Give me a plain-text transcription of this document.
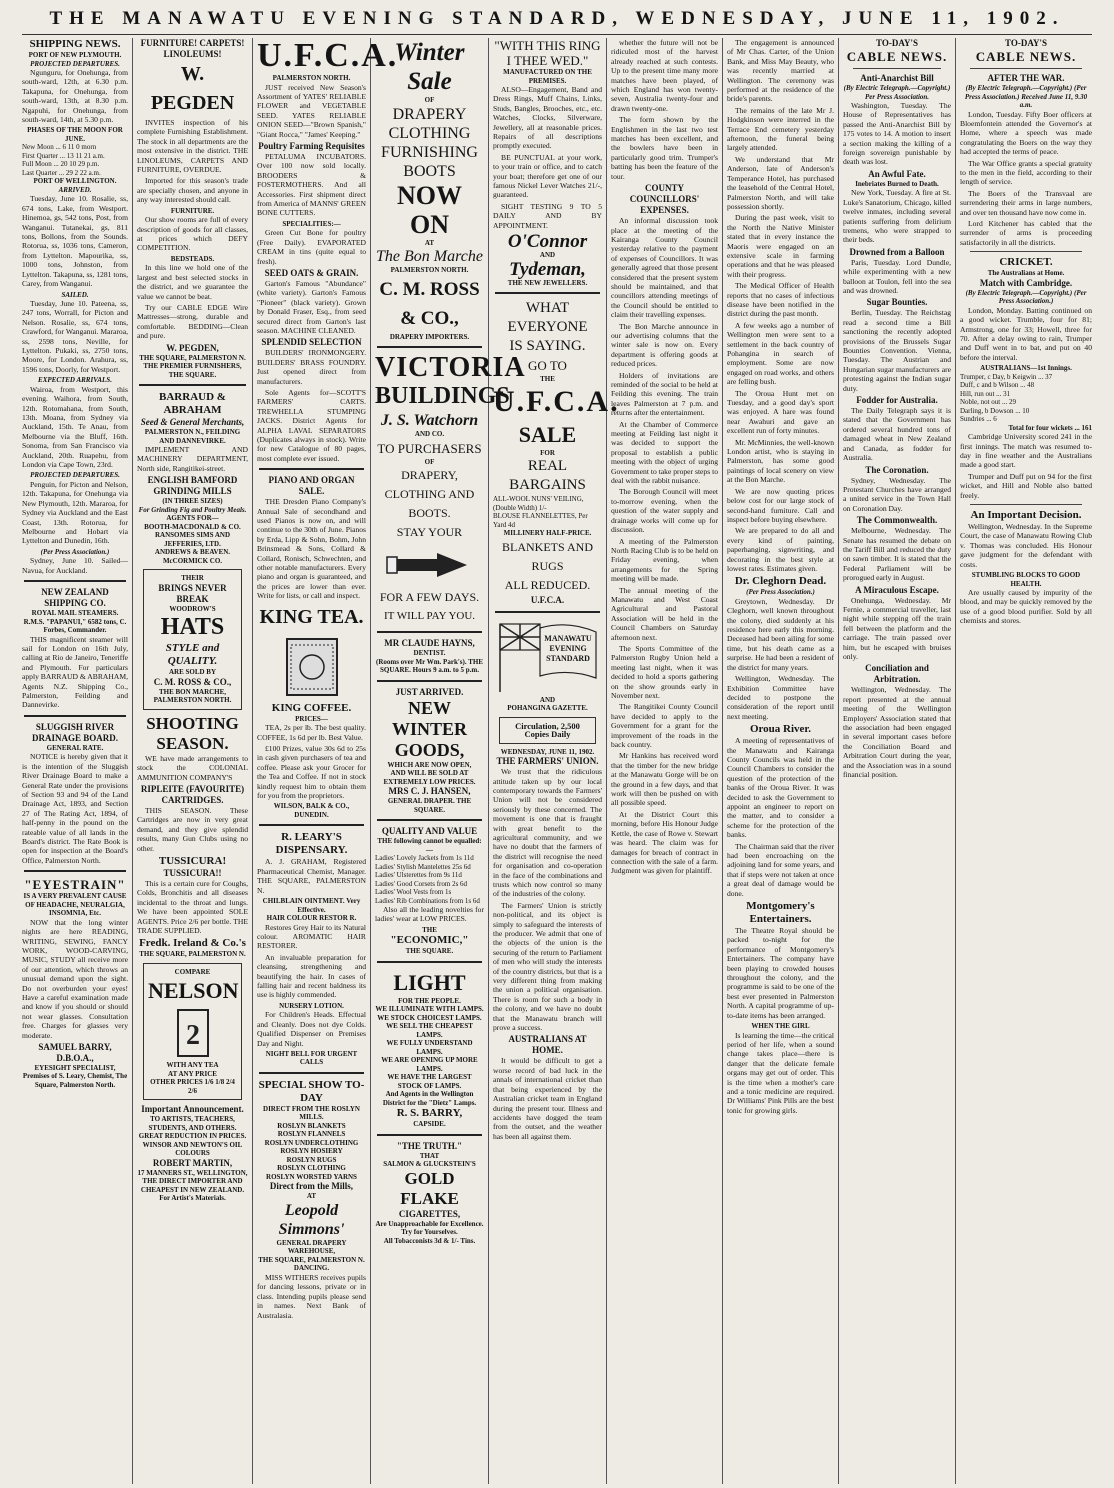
THE MANAWATU EVENING STANDARD, WEDNESDAY, JUNE 11, 1902.
SHIPPING NEWS.
PORT OF NEW PLYMOUTH.
PROJECTED DEPARTURES.

Ngunguru, for Onehunga, from south-ward, 12th, at 6.30 p.m. Takapuna, for Onehunga, from south-ward, 13th, at 8.30 p.m. Ngapuhi, for Onehunga, from south-ward, 14th, at 5.30 p.m.

PHASES OF THE MOON FOR JUNE.
New Moon ... 6 11 0 morn
First Quarter ... 13 11 21 a.m.
Full Moon ... 20 10 29 p.m.
Last Quarter ... 29 2 22 a.m.
PORT OF WELLINGTON.
ARRIVED.

Tuesday, June 10. Rosalie, ss, 674 tons, Lake, from Westport. Hinemoa, gs, 542 tons, Post, from Wanganui. Tutanekai, gs, 811 tons, Bollons, from the Sounds. Rotorua, ss, 1036 tons, Cameron, from Lyttelton. Mapourika, ss, 1000 tons, Johnston, from Lyttelton. Takapuna, ss, 1281 tons, Carey, from Wanganui.

SAILED.

Tuesday, June 10. Pateena, ss, 247 tons, Worrall, for Picton and Nelson. Rosalie, ss, 674 tons, Crawford, for Wanganui. Mararoa, ss, 2598 tons, Neville, for Lyttelton. Pukaki, ss, 2750 tons, Moore, for London. Arahura, ss, 1596 tons, Doorly, for Westport.

EXPECTED ARRIVALS.

Wairoa, from Westport, this evening. Waihora, from South, 12th. Rotomahana, from South, 13th. Moana, from Sydney via Auckland, 15th. Te Anau, from Melbourne via the Bluff, 16th. Sonoma, from San Francisco via Auckland, 20th. Ruapehu, from London via Cape Town, 23rd.

PROJECTED DEPARTURES.

Penguin, for Picton and Nelson, 12th. Takapuna, for Onehunga via New Plymouth, 12th. Mararoa, for Sydney via Auckland and the East Coast, 13th. Rotorua, for Melbourne and Hobart via Lyttelton and Dunedin, 16th.

(Per Press Association.)

Sydney, June 10. Sailed—Navua, for Auckland.

NEW ZEALAND SHIPPING CO.
ROYAL MAIL STEAMERS.
R.M.S. "PAPANUI," 6582 tons, C. Forbes, Commander.

THIS magnificent steamer will sail for London on 16th July, calling at Rio de Janeiro, Teneriffe and Plymouth. For particulars apply BARRAUD & ABRAHAM, Agents N.Z. Shipping Co., Palmerston, Feilding and Dannevirke.

SLUGGISH RIVER DRAINAGE BOARD.
GENERAL RATE.

NOTICE is hereby given that it is the intention of the Sluggish River Drainage Board to make a General Rate under the provisions of Section 93 and 94 of the Land Drainage Act, 1893, and Section 27 of The Rating Act, 1894, of half-penny in the pound on the rateable value of all lands in the Board's district. The Rate Book is open for inspection at the Board's Office, Palmerston North.

"EYESTRAIN"
IS A VERY PREVALENT CAUSE OF HEADACHE, NEURALGIA, INSOMNIA, Etc.

NOW that the long winter nights are here READING, WRITING, SEWING, FANCY WORK, WOOD-CARVING, MUSIC, STUDY all receive more of our attention, which throws an unusual demand upon the sight. Do not overburden your eyes! Have a careful examination made and know if you should or should not wear glasses. Consultation free. Charges for glasses very moderate.

SAMUEL BARRY, D.B.O.A.,
EYESIGHT SPECIALIST, Premises of S. Leary, Chemist, The Square, Palmerston North.
FURNITURE! CARPETS! LINOLEUMS!
W. PEGDEN

INVITES inspection of his complete Furnishing Establishment. The stock in all departments are the most extensive in the district. THE LINOLEUMS, CARPETS AND FURNITURE, OVERDUE.

Imported for this season's trade are specially chosen, and anyone in any way interested should call.

FURNITURE.

Our show rooms are full of every description of goods for all classes, at prices which DEFY COMPETITION.

BEDSTEADS.

In this line we hold one of the largest and best selected stocks in the district, and we guarantee the value we cannot be beat.

Try our CABLE EDGE Wire Mattresses—strong, durable and comfortable. BEDDING—Clean and pure.

W. PEGDEN,
THE SQUARE, PALMERSTON N.
THE PREMIER FURNISHERS, THE SQUARE.
BARRAUD & ABRAHAM
Seed & General Merchants,
PALMERSTON N., FEILDING AND DANNEVIRKE.

IMPLEMENT AND MACHINERY DEPARTMENT, North side, Rangitikei-street.

ENGLISH BAMFORD GRINDING MILLS
(IN THREE SIZES)
For Grinding Fig and Poultry Meals.
AGENTS FOR—
BOOTH-MACDONALD & CO.
RANSOMES SIMS AND JEFFERIES, LTD.
ANDREWS & BEAVEN.
McCORMICK CO.
THEIR
BRINGS NEVER BREAK
WOODROW'S
HATS
STYLE and QUALITY.
ARE SOLD BY
C. M. ROSS & CO.,
THE BON MARCHE, PALMERSTON NORTH.
SHOOTING SEASON.

WE have made arrangements to stock the COLONIAL AMMUNITION COMPANY'S

RIPLEITE (FAVOURITE) CARTRIDGES.

THIS SEASON. These Cartridges are now in very great demand, and they give splendid results, many Gun Clubs using no other.

TUSSICURA!
TUSSICURA!!

This is a certain cure for Coughs, Colds, Bronchitis and all diseases incidental to the throat and lungs. We have been appointed SOLE AGENTS. Price 2/6 per bottle. THE TRADE SUPPLIED.

Fredk. Ireland & Co.'s
THE SQUARE, PALMERSTON N.
COMPARE
NELSON
2
WITH ANY TEA
AT ANY PRICE
OTHER PRICES 1/6 1/8 2/4 2/6
Important Announcement.
TO ARTISTS, TEACHERS, STUDENTS, AND OTHERS.
GREAT REDUCTION IN PRICES.
WINSOR AND NEWTON'S OIL COLOURS
ROBERT MARTIN,
17 MANNERS ST., WELLINGTON,
THE DIRECT IMPORTER AND CHEAPEST IN NEW ZEALAND. For Artist's Materials.
U.F.C.A.
PALMERSTON NORTH.

JUST received New Season's Assortment of YATES' RELIABLE FLOWER and VEGETABLE SEED. YATES RELIABLE ONION SEED—"Brown Spanish," "Giant Rocca," "James' Keeping."

Poultry Farming Requisites

PETALUMA INCUBATORS. Over 100 now sold locally. BROODERS & FOSTERMOTHERS. And all Accessories. First shipment direct from America of MANNS' GREEN BONE CUTTERS.

SPECIALITIES:—

Green Cut Bone for poultry (Free Daily). EVAPORATED CREAM in tins (quite equal to fresh).

SEED OATS & GRAIN.

Garton's Famous "Abundance" (white variety). Garton's Famous "Pioneer" (black variety). Grown by Donald Fraser, Esq., from seed secured direct from Garton's last season. MACHINE CLEANED.

SPLENDID SELECTION

BUILDERS' IRONMONGERY. BUILDERS' BRASS FOUNDRY. Just opened direct from manufacturers.

Sole Agents for—SCOTT'S FARMERS' CARTS. TREWHELLA STUMPING JACKS. District Agents for ALPHA LAVAL SEPARATORS (Duplicates always in stock). Write for new Catalogue of 80 pages, most complete ever issued.

PIANO AND ORGAN SALE.

THE Dresden Piano Company's Annual Sale of secondhand and used Pianos is now on, and will continue to the 30th of June. Pianos by Erda, Lipp & Sohn, Bohm, John Brinsmead & Sons, Collard & Collard, Ronisch, Schwechten, and other notable manufacturers. Every piano and organ is guaranteed, and the prices are lower than ever. Write for lists, or call and inspect.

KING TEA.
KING COFFEE.
PRICES—

TEA, 2s per lb. The best quality. COFFEE, 1s 6d per lb. Best Value.

£100 Prizes, value 30s 6d to 25s in cash given purchasers of tea and coffee. Please ask your Grocer for the Tea and Coffee. If not in stock kindly request him to obtain them for you from the proprietors.

WILSON, BALK & CO., DUNEDIN.
R. LEARY'S DISPENSARY.

A. J. GRAHAM, Registered Pharmaceutical Chemist, Manager. THE SQUARE, PALMERSTON N.

CHILBLAIN OINTMENT. Very Effective.
HAIR COLOUR RESTOR R.

Restores Grey Hair to its Natural colour. AROMATIC HAIR RESTORER.

An invaluable preparation for cleansing, strengthening and beautifying the hair. In cases of falling hair and recent baldness its use is highly commended.

NURSERY LOTION.

For Children's Heads. Effectual and Cleanly. Does not dye Colds. Qualified Dispenser on Premises Day and Night.

NIGHT BELL FOR URGENT CALLS
SPECIAL SHOW TO-DAY
DIRECT FROM THE ROSLYN MILLS.
ROSLYN BLANKETS
ROSLYN FLANNELS
ROSLYN UNDERCLOTHING
ROSLYN HOSIERY
ROSLYN RUGS
ROSLYN CLOTHING
ROSLYN WORSTED YARNS
Direct from the Mills,
AT
Leopold
Simmons'
GENERAL DRAPERY WAREHOUSE,
THE SQUARE, PALMERSTON N.
DANCING.

MISS WITHERS receives pupils for dancing lessons, private or in class. Intending pupils please send in names. Next Bank of Australasia.

Winter Sale
OF
DRAPERY
CLOTHING
FURNISHING
BOOTS
NOW ON
AT
The Bon Marche
PALMERSTON NORTH.
C. M. ROSS & CO.,
DRAPERY IMPORTERS.
VICTORIA
BUILDINGS
J. S. Watchorn
AND CO.
TO PURCHASERS
OF
DRAPERY, CLOTHING AND BOOTS.
STAY YOUR
FOR A FEW DAYS.
IT WILL PAY YOU.
MR CLAUDE HAYNS,
DENTIST.
(Rooms over Mr Wm. Park's). THE SQUARE. Hours 9 a.m. to 5 p.m.
JUST ARRIVED.
NEW WINTER GOODS,
WHICH ARE NOW OPEN,
AND WILL BE SOLD AT EXTREMELY LOW PRICES.
MRS C. J. HANSEN,
GENERAL DRAPER. THE SQUARE.
QUALITY AND VALUE
THE following cannot be equalled:—
Ladies' Lovely Jackets from 1s 11d
Ladies' Stylish Mantelettes 25s 6d
Ladies' Ulsterettes from 9s 11d
Ladies' Good Corsets from 2s 6d
Ladies' Wool Vests from 1s
Ladies' Rib Combinations from 1s 6d

Also all the leading novelties for ladies' wear at LOW PRICES.

THE
"ECONOMIC,"
THE SQUARE.
LIGHT
FOR THE PEOPLE.
WE ILLUMINATE WITH LAMPS.
WE STOCK CHOICEST LAMPS.
WE SELL THE CHEAPEST LAMPS.
WE FULLY UNDERSTAND LAMPS.
WE ARE OPENING UP MORE LAMPS.
WE HAVE THE LARGEST STOCK OF LAMPS.
And Agents in the Wellington District for the "Dietz" Lamps.
R. S. BARRY,
CAPSIDE.
"THE TRUTH."
THAT
SALMON & GLUCKSTEIN'S
GOLD FLAKE
CIGARETTES,
Are Unapproachable for Excellence. Try for Yourselves.
All Tobacconists 3d & 1/- Tins.
"WITH THIS RING I THEE WED."
MANUFACTURED ON THE PREMISES.

ALSO—Engagement, Band and Dress Rings, Muff Chains, Links, Studs, Bangles, Brooches, etc., etc. Watches, Clocks, Silverware, Jewellery, all at reasonable prices. Repairs of all descriptions promptly executed.

BE PUNCTUAL at your work, to your train or office, and to catch your boat; therefore get one of our famous Nickel Lever Watches 21/-, guaranteed.

SIGHT TESTING 9 TO 5 DAILY AND BY APPOINTMENT.

O'Connor
AND
Tydeman,
THE NEW JEWELLERS.
WHAT EVERYONE
IS SAYING.
GO TO
THE
U.F.C.A.
SALE
FOR
REAL BARGAINS
ALL-WOOL NUNS' VEILING, (Double Width) 1/-
BLOUSE FLANNELETTES, Per Yard 4d
MILLINERY HALF-PRICE.
BLANKETS AND RUGS
ALL REDUCED.
U.F.C.A.
MANAWATU EVENING STANDARD
AND
POHANGINA GAZETTE.
Circulation, 2,500 Copies Daily
WEDNESDAY, JUNE 11, 1902.
THE FARMERS' UNION.

We trust that the ridiculous attitude taken up by our local contemporary towards the Farmers' Union will not be considered seriously by these concerned. The movement is one that is fraught with great benefit to the agricultural community, and we have no doubt that the farmers of the district will recognise the need for organisation and co-operation in the face of the combinations and trusts which now control so many of the industries of the colony.

The Farmers' Union is strictly non-political, and its object is simply to safeguard the interests of the producer. We admit that one of the objects of the union is the securing of the return to Parliament of men who will study the interests of the country districts, but that is a very different thing from making the union a political organisation. There is room for such a body in the colony, and we have no doubt that the Manawatu branch will prove a success.

AUSTRALIANS AT HOME.

It would be difficult to get a worse record of bad luck in the annals of international cricket than that being experienced by the Australian cricket team in England during the present tour. Illness and accidents have dogged the team from the outset, and the weather has been all against them.

whether the future will not be ridiculed most of the harvest already reached at such contests. Up to the present time many more matches have been played, of which England has won twenty-seven, Australia twenty-four and drawn twenty-one.

The form shown by the Englishmen in the last two test matches has been excellent, and the bowlers have been in particularly good trim. Trumper's batting has been the feature of the tour.

COUNTY COUNCILLORS' EXPENSES.

An informal discussion took place at the meeting of the Kairanga County Council yesterday relative to the payment of expenses of Councillors. It was generally agreed that those present considered that the present system should be maintained, and that councillors attending meetings of the Council should be entitled to claim their travelling expenses.

The Bon Marche announce in our advertising columns that the winter sale is now on. Every department is offering goods at reduced prices.

Holders of invitations are reminded of the social to be held at Feilding this evening. The train leaves Palmerston at 7 p.m. and returns after the entertainment.

At the Chamber of Commerce meeting at Feilding last night it was decided to support the proposal to establish a public meeting with the object of urging Government to take proper steps to deal with the rabbit nuisance.

The Borough Council will meet to-morrow evening, when the question of the water supply and drainage works will come up for discussion.

A meeting of the Palmerston North Racing Club is to be held on Friday evening, when arrangements for the Spring meeting will be made.

The annual meeting of the Manawatu and West Coast Agricultural and Pastoral Association will be held in the Council Chambers on Saturday afternoon next.

The Sports Committee of the Palmerston Rugby Union held a meeting last night, when it was decided to hold a sports gathering on the show grounds early in November next.

The Rangitikei County Council have decided to apply to the Government for a grant for the improvement of the roads in the back country.

Mr Hankins has received word that the timber for the new bridge at the Manawatu Gorge will be on the ground in a few days, and that work will then be pushed on with all possible speed.

At the District Court this morning, before His Honour Judge Kettle, the case of Rowe v. Stewart was heard. The claim was for damages for breach of contract in connection with the sale of a farm. Judgment was given for plaintiff.

The engagement is announced of Mr Chas. Carter, of the Union Bank, and Miss May Beauty, who was recently married at Wellington. The ceremony was performed at the residence of the bride's parents.

The remains of the late Mr J. Hodgkinson were interred in the Terrace End cemetery yesterday afternoon, the funeral being largely attended.

We understand that Mr Anderson, late of Anderson's Temperance Hotel, has purchased the leasehold of the Central Hotel, Palmerston North, and will take possession shortly.

During the past week, visit to the North the Native Minister stated that in every instance the Maoris were engaged on an extensive scale in farming operations and that he was pleased with their progress.

The Medical Officer of Health reports that no cases of infectious disease have been notified in the district during the past month.

A few weeks ago a number of Wellington men were sent to a settlement in the back country of Pohangina in search of employment. Some are now engaged on road works, and others are felling bush.

The Oroua Hunt met on Tuesday, and a good day's sport was enjoyed. A hare was found near Awahuri and gave an excellent run of forty minutes.

Mr. McMinnies, the well-known London artist, who is staying in Palmerston, has some good paintings of local scenery on view at the Bon Marche.

We are now quoting prices below cost for our large stock of second-hand furniture. Call and inspect before buying elsewhere.

We are prepared to do all and every kind of painting, paperhanging, signwriting, and decorating in the best style at lowest rates. Estimates given.

Dr. Cleghorn Dead.
(Per Press Association.)

Greytown, Wednesday. Dr Cleghorn, well known throughout the colony, died suddenly at his residence here early this morning. Deceased had been ailing for some time, but his death came as a surprise. He had been a resident of the district for many years.

Wellington, Wednesday. The Exhibition Committee have decided to postpone the consideration of the report until next meeting.

Oroua River.

A meeting of representatives of the Manawatu and Kairanga County Councils was held in the Council Chambers to consider the question of the protection of the banks of the Oroua River. It was decided to ask the Government to appoint an engineer to report on the matter, and to consider a scheme for the protection of the banks.

The Chairman said that the river had been encroaching on the adjoining land for some years, and that if steps were not taken at once a great deal of damage would be done.

Montgomery's Entertainers.

The Theatre Royal should be packed to-night for the performance of Montgomery's Entertainers. The company have been playing to crowded houses throughout the colony, and the programme is said to be one of the best ever presented in Palmerston North. A capital programme of up-to-date items has been arranged.

WHEN THE GIRL

Is learning the time—the critical period of her life, when a sound change takes place—there is danger that the delicate female organs may get out of order. This is the time when a mother's care and a tonic medicine are required. Dr Williams' Pink Pills are the best tonic for growing girls.

TO-DAY'S
CABLE NEWS.
Anti-Anarchist Bill
(By Electric Telegraph.—Copyright.) Per Press Association.

Washington, Tuesday. The House of Representatives has passed the Anti-Anarchist Bill by 175 votes to 14. A motion to insert a section making the killing of a foreign sovereign punishable by death was lost.

An Awful Fate.
Inebriates Burned to Death.

New York, Tuesday. A fire at St. Luke's Sanatorium, Chicago, killed twelve inmates, including several patients suffering from delirium tremens, who were strapped to their beds.

Drowned from a Balloon

Paris, Tuesday. Lord Dundle, while experimenting with a new balloon at Toulon, fell into the sea and was drowned.

Sugar Bounties.

Berlin, Tuesday. The Reichstag read a second time a Bill sanctioning the recently adopted provisions of the Brussels Sugar Bounties Convention. Vienna, Tuesday. The Austrian and Hungarian sugar manufacturers are protesting against the Indian sugar duty.

Fodder for Australia.

The Daily Telegraph says it is stated that the Government has ordered several hundred tons of damaged wheat in New Zealand and Canada, as fodder for Australia.

The Coronation.

Sydney, Wednesday. The Protestant Churches have arranged a united service in the Town Hall on Coronation Day.

The Commonwealth.

Melbourne, Wednesday. The Senate has resumed the debate on the Tariff Bill and reduced the duty on sawn timber. It is stated that the Federal Parliament will be prorogued early in August.

A Miraculous Escape.

Onehunga, Wednesday. Mr Fernie, a commercial traveller, last night while stepping off the train fell between the platform and the carriage. The train passed over him, but he escaped with bruises only.

Conciliation and Arbitration.

Wellington, Wednesday. The report presented at the annual meeting of the Wellington Employers' Association stated that the association had been engaged in several important cases before the Conciliation Board and Arbitration Court during the year, and the Association was in a sound financial position.

TO-DAY'S
CABLE NEWS.
AFTER THE WAR.
(By Electric Telegraph.—Copyright.) (Per Press Association.) Received June 11, 9.30 a.m.

London, Tuesday. Fifty Boer officers at Bloemfontein attended the Governor's at Home, where a speech was made congratulating the Boers on the way they had accepted the terms of peace.

The War Office grants a special gratuity to the men in the field, according to their length of service.

The Boers of the Transvaal are surrendering their arms in large numbers, and over ten thousand have now come in.

Lord Kitchener has cabled that the surrender of arms is proceeding satisfactorily in all the districts.

CRICKET.
The Australians at Home.
Match with Cambridge.
(By Electric Telegraph.—Copyright.) (Per Press Association.)

London, Monday. Batting continued on a good wicket. Trumble, four for 81; Armstrong, one for 33; Howell, three for 70. After a delay owing to rain, Trumper and Duff went in to bat, and put on 40 before the interval.

AUSTRALIANS—1st Innings.
Trumper, c Day, b Keigwin ... 37
Duff, c and b Wilson ... 48
Hill, run out ... 31
Noble, not out ... 29
Darling, b Dowson ... 10
Sundries ... 6
Total for four wickets ... 161

Cambridge University scored 241 in the first innings. The match was resumed to-day in fine weather and the Australians made a good start.

Trumper and Duff put on 94 for the first wicket, and Hill and Noble also batted freely.

An Important Decision.

Wellington, Wednesday. In the Supreme Court, the case of Manawatu Rowing Club v. Thomas was concluded. His Honour gave judgment for the defendant with costs.

STUMBLING BLOCKS TO GOOD HEALTH.

Are usually caused by impurity of the blood, and may be quickly removed by the use of a good blood purifier. Sold by all chemists and stores.
